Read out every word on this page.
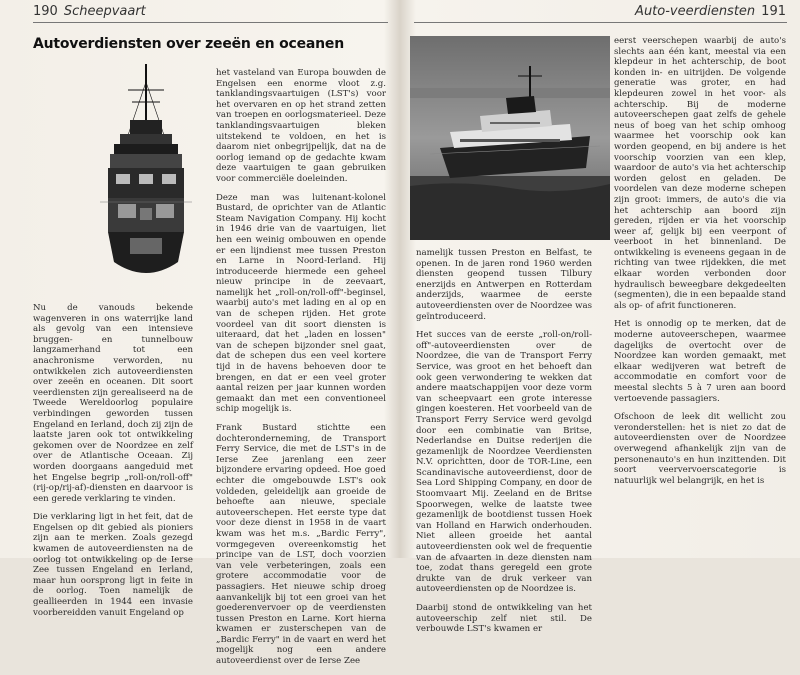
190 Scheepvaart
Autoverdiensten over zeeën en oceanen

Nu de vanouds bekende wagenveren in ons waterrijke land als gevolg van een intensieve bruggen- en tunnelbouw langzamerhand tot een anachronisme verworden, nu ontwikkelen zich autoveerdiensten over zeeën en oceanen. Dit soort veerdiensten zijn gerealiseerd na de Tweede Wereldoorlog populaire verbindingen geworden tussen Engeland en Ierland, doch zij zijn de laatste jaren ook tot ontwikkeling gekomen over de Noordzee en zelf over de Atlantische Oceaan. Zij worden doorgaans aangeduid met het Engelse begrip „roll-on/roll-off" (rij-op/rij-af)-diensten en daarvoor is een gerede verklaring te vinden.

Die verklaring ligt in het feit, dat de Engelsen op dit gebied als pioniers zijn aan te merken. Zoals gezegd kwamen de autoveerdiensten na de oorlog tot ontwikkeling op de Ierse Zee tussen Engeland en Ierland, maar hun oorsprong ligt in feite in de oorlog. Toen namelijk de geallieerden in 1944 een invasie voorbereidden vanuit Engeland op

het vasteland van Europa bouwden de Engelsen een enorme vloot z.g. tanklandingsvaartuigen (LST's) voor het overvaren en op het strand zetten van troepen en oorlogsmaterieel. Deze tanklandingsvaartuigen bleken uitstekend te voldoen, en het is daarom niet onbegrijpelijk, dat na de oorlog iemand op de gedachte kwam deze vaartuigen te gaan gebruiken voor commerciële doeleinden.

Deze man was luitenant-kolonel Bustard, de oprichter van de Atlantic Steam Navigation Company. Hij kocht in 1946 drie van de vaartuigen, liet hen een weinig ombouwen en opende er een lijndienst mee tussen Preston en Larne in Noord-Ierland. Hij introduceerde hiermede een geheel nieuw principe in de zeevaart, namelijk het „roll-on/roll-off"-beginsel, waarbij auto's met lading en al op en van de schepen rijden. Het grote voordeel van dit soort diensten is uiteraard, dat het „laden en lossen" van de schepen bijzonder snel gaat, dat de schepen dus een veel kortere tijd in de havens behoeven door te brengen, en dat er een veel groter aantal reizen per jaar kunnen worden gemaakt dan met een conventioneel schip mogelijk is.

Frank Bustard stichtte een dochteronderneming, de Transport Ferry Service, die met de LST's in de Ierse Zee jarenlang een zeer bijzondere ervaring opdeed. Hoe goed echter die omgebouwde LST's ook voldeden, geleidelijk aan groeide de behoefte aan nieuwe, speciale autoveerschepen. Het eerste type dat voor deze dienst in 1958 in de vaart kwam was het m.s. „Bardic Ferry", vormgegeven overeenkomstig het principe van de LST, doch voorzien van vele verbeteringen, zoals een grotere accommodatie voor de passagiers. Het nieuwe schip droeg aanvankelijk bij tot een groei van het goederenvervoer op de veerdiensten tussen Preston en Larne. Kort hierna kwamen er zusterschepen van de „Bardic Ferry" in de vaart en werd het mogelijk nog een andere autoveerdienst over de Ierse Zee

Auto-veerdiensten 191

namelijk tussen Preston en Belfast, te openen. In de jaren rond 1960 werden diensten geopend tussen Tilbury enerzijds en Antwerpen en Rotterdam anderzijds, waarmee de eerste autoveerdiensten over de Noordzee was geïntroduceerd.

Het succes van de eerste „roll-on/roll-off"-autoveerdiensten over de Noordzee, die van de Transport Ferry Service, was groot en het behoeft dan ook geen verwondering te wekken dat andere maatschappijen voor deze vorm van scheepvaart een grote interesse gingen koesteren. Het voorbeeld van de Transport Ferry Service werd gevolgd door een combinatie van Britse, Nederlandse en Duitse rederijen die gezamenlijk de Noordzee Veerdiensten N.V. oprichtten, door de TOR-Line, een Scandinavische autoveerdienst, door de Sea Lord Shipping Company, en door de Stoomvaart Mij. Zeeland en de Britse Spoorwegen, welke de laatste twee gezamenlijk de bootdienst tussen Hoek van Holland en Harwich onderhouden. Niet alleen groeide het aantal autoveerdiensten ook wel de frequentie van de afvaarten in deze diensten nam toe, zodat thans geregeld een grote drukte van de druk verkeer van autoveerdiensten op de Noordzee is.

Daarbij stond de ontwikkeling van het autoveerschip zelf niet stil. De verbouwde LST's kwamen er

eerst veerschepen waarbij de auto's slechts aan één kant, meestal via een klepdeur in het achterschip, de boot konden in- en uitrijden. De volgende generatie was groter, en had klepdeuren zowel in het voor- als achterschip. Bij de moderne autoveerschepen gaat zelfs de gehele neus of boeg van het schip omhoog waarmee het voorschip ook kan worden geopend, en bij andere is het voorschip voorzien van een klep, waardoor de auto's via het achterschip worden gelost en geladen. De voordelen van deze moderne schepen zijn groot: immers, de auto's die via het achterschip aan boord zijn gereden, rijden er via het voorschip weer af, gelijk bij een veerpont of veerboot in het binnenland. De ontwikkeling is eveneens gegaan in de richting van twee rijdekken, die met elkaar worden verbonden door hydraulisch beweegbare dekgedeelten (segmenten), die in een bepaalde stand als op- of afrit functioneren.

Het is onnodig op te merken, dat de moderne autoveerschepen, waarmee dagelijks de overtocht over de Noordzee kan worden gemaakt, met elkaar wedijveren wat betreft de accommodatie en comfort voor de meestal slechts 5 à 7 uren aan boord vertoevende passagiers.

Ofschoon de leek dit wellicht zou veronderstellen: het is niet zo dat de autoveerdiensten over de Noordzee overwegend afhankelijk zijn van de personenauto's en hun inzittenden. Dit soort veervervoerscategorie is natuurlijk wel belangrijk, en het is
